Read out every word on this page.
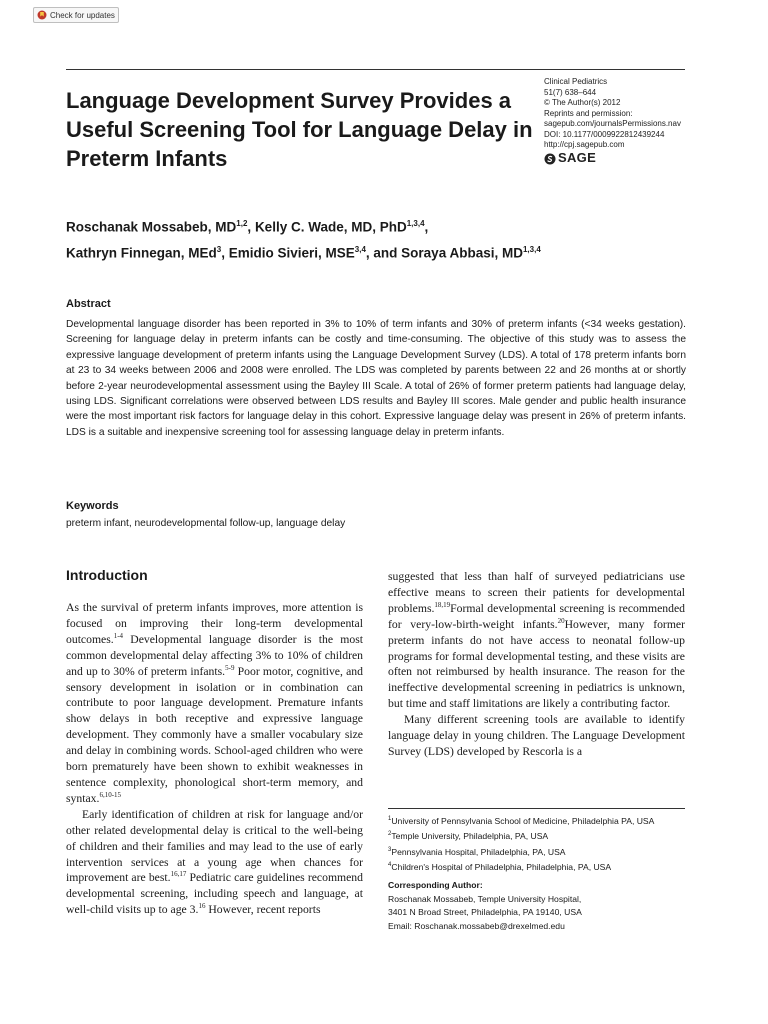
Check for updates
Language Development Survey Provides a Useful Screening Tool for Language Delay in Preterm Infants
Clinical Pediatrics
51(7) 638–644
© The Author(s) 2012
Reprints and permission:
sagepub.com/journalsPermissions.nav
DOI: 10.1177/0009922812439244
http://cpj.sagepub.com
SAGE
Roschanak Mossabeb, MD$^{1,2}$, Kelly C. Wade, MD, PhD$^{1,3,4}$,
Kathryn Finnegan, MEd$^3$, Emidio Sivieri, MSE$^{3,4}$, and Soraya Abbasi, MD$^{1,3,4}$
Abstract

Developmental language disorder has been reported in 3% to 10% of term infants and 30% of preterm infants (<34 weeks gestation). Screening for language delay in preterm infants can be costly and time-consuming. The objective of this study was to assess the expressive language development of preterm infants using the Language Development Survey (LDS). A total of 178 preterm infants born at 23 to 34 weeks between 2006 and 2008 were enrolled. The LDS was completed by parents between 22 and 26 months at or shortly before 2-year neurodevelopmental assessment using the Bayley III Scale. A total of 26% of former preterm patients had language delay, using LDS. Significant correlations were observed between LDS results and Bayley III scores. Male gender and public health insurance were the most important risk factors for language delay in this cohort. Expressive language delay was present in 26% of preterm infants. LDS is a suitable and inexpensive screening tool for assessing language delay in preterm infants.

Keywords
preterm infant, neurodevelopmental follow-up, language delay
Introduction

As the survival of preterm infants improves, more attention is focused on improving their long-term developmental outcomes.$^{1-4}$ Developmental language disorder is the most common developmental delay affecting 3% to 10% of children and up to 30% of preterm infants.$^{5-9}$ Poor motor, cognitive, and sensory development in isolation or in combination can contribute to poor language development. Premature infants show delays in both receptive and expressive language development. They commonly have a smaller vocabulary size and delay in combining words. School-aged children who were born prematurely have been shown to exhibit weaknesses in sentence complexity, phonological short-term memory, and syntax.$^{6,10-15}$

Early identification of children at risk for language and/or other related developmental delay is critical to the well-being of children and their families and may lead to the use of early intervention services at a young age when chances for improvement are best.$^{16,17}$ Pediatric care guidelines recommend developmental screening, including speech and language, at well-child visits up to age 3.16 However, recent reports

suggested that less than half of surveyed pediatricians use effective means to screen their patients for developmental problems.$^{18,19}$Formal developmental screening is recommended for very-low-birth-weight infants.$^{20}$However, many former preterm infants do not have access to neonatal follow-up programs for formal developmental testing, and these visits are often not reimbursed by health insurance. The reason for the ineffective developmental screening in pediatrics is unknown, but time and staff limitations are likely a contributing factor.

Many different screening tools are available to identify language delay in young children. The Language Development Survey (LDS) developed by Rescorla is a

$^1$University of Pennsylvania School of Medicine, Philadelphia PA, USA
$^2$Temple University, Philadelphia, PA, USA
$^3$Pennsylvania Hospital, Philadelphia, PA, USA
$^4$Children's Hospital of Philadelphia, Philadelphia, PA, USA
Corresponding Author:
Roschanak Mossabeb, Temple University Hospital,
3401 N Broad Street, Philadelphia, PA 19140, USA
Email: Roschanak.mossabeb@drexelmed.edu
